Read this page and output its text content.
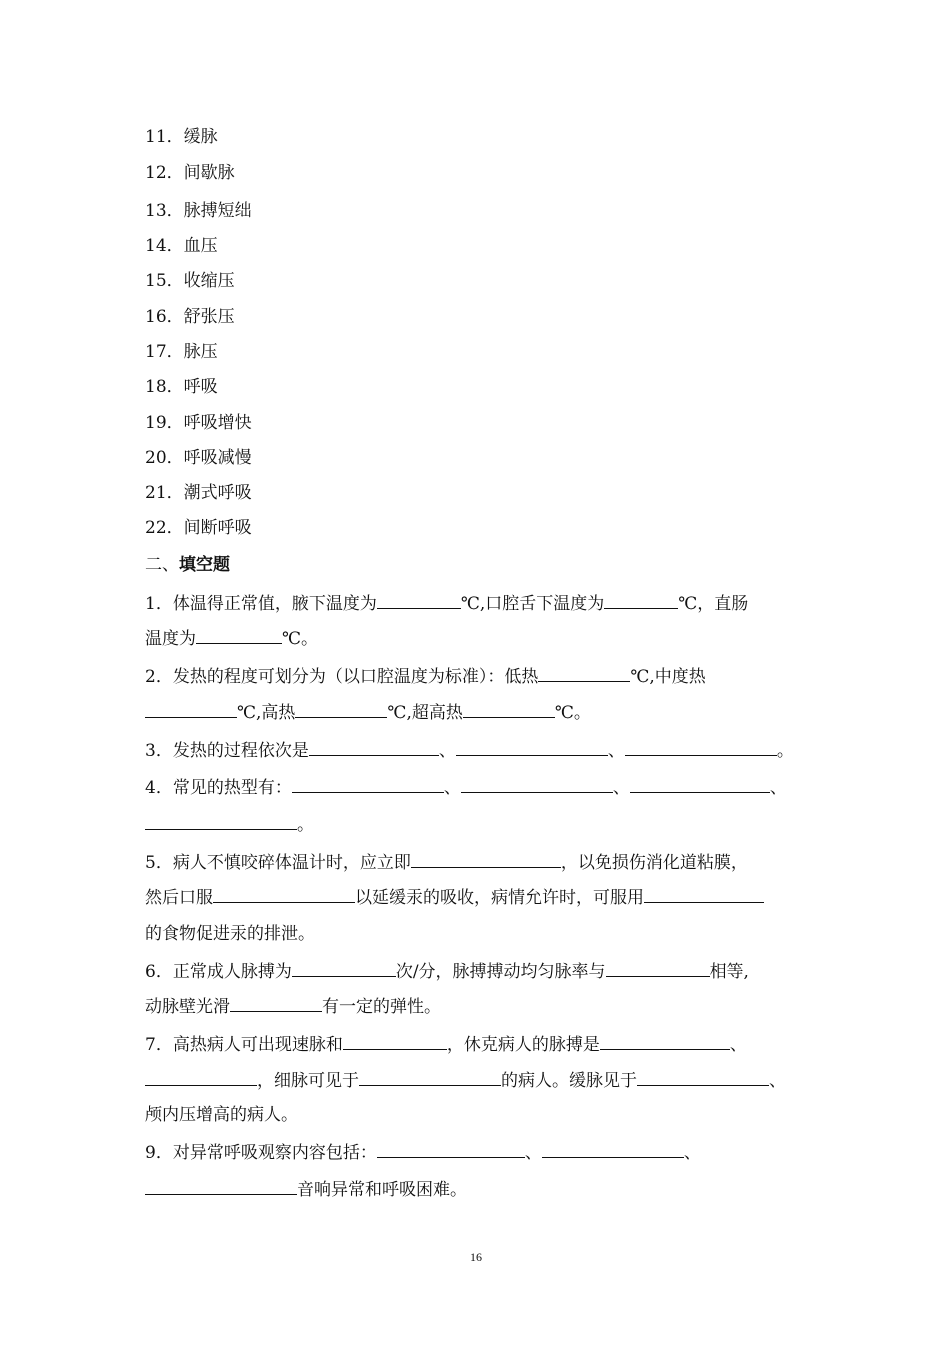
11．缓脉
12．间歇脉
13．脉搏短绌
14．血压
15．收缩压
16．舒张压
17．脉压
18．呼吸
19．呼吸增快
20．呼吸减慢
21．潮式呼吸
22．间断呼吸
二、填空题
1．体温得正常值，腋下温度为	℃,口腔舌下温度为	℃，直肠
温度为	℃。
2．发热的程度可划分为（以口腔温度为标准）：低热	℃,中度热
℃,高热	℃,超高热	℃。
3．发热的过程依次是	、	、	。
4．常见的热型有：	、	、	、
。
5．病人不慎咬碎体温计时，应立即	，以免损伤消化道粘膜，
然后口服	以延缓汞的吸收，病情允许时，可服用
的食物促进汞的排泄。
6．正常成人脉搏为	次/分，脉搏搏动均匀脉率与	相等,
动脉壁光滑	有一定的弹性。
7．高热病人可出现速脉和	，休克病人的脉搏是	、
，细脉可见于	的病人。缓脉见于	、
颅内压增高的病人。
9．对异常呼吸观察内容包括：	、	、
音响异常和呼吸困难。
16
